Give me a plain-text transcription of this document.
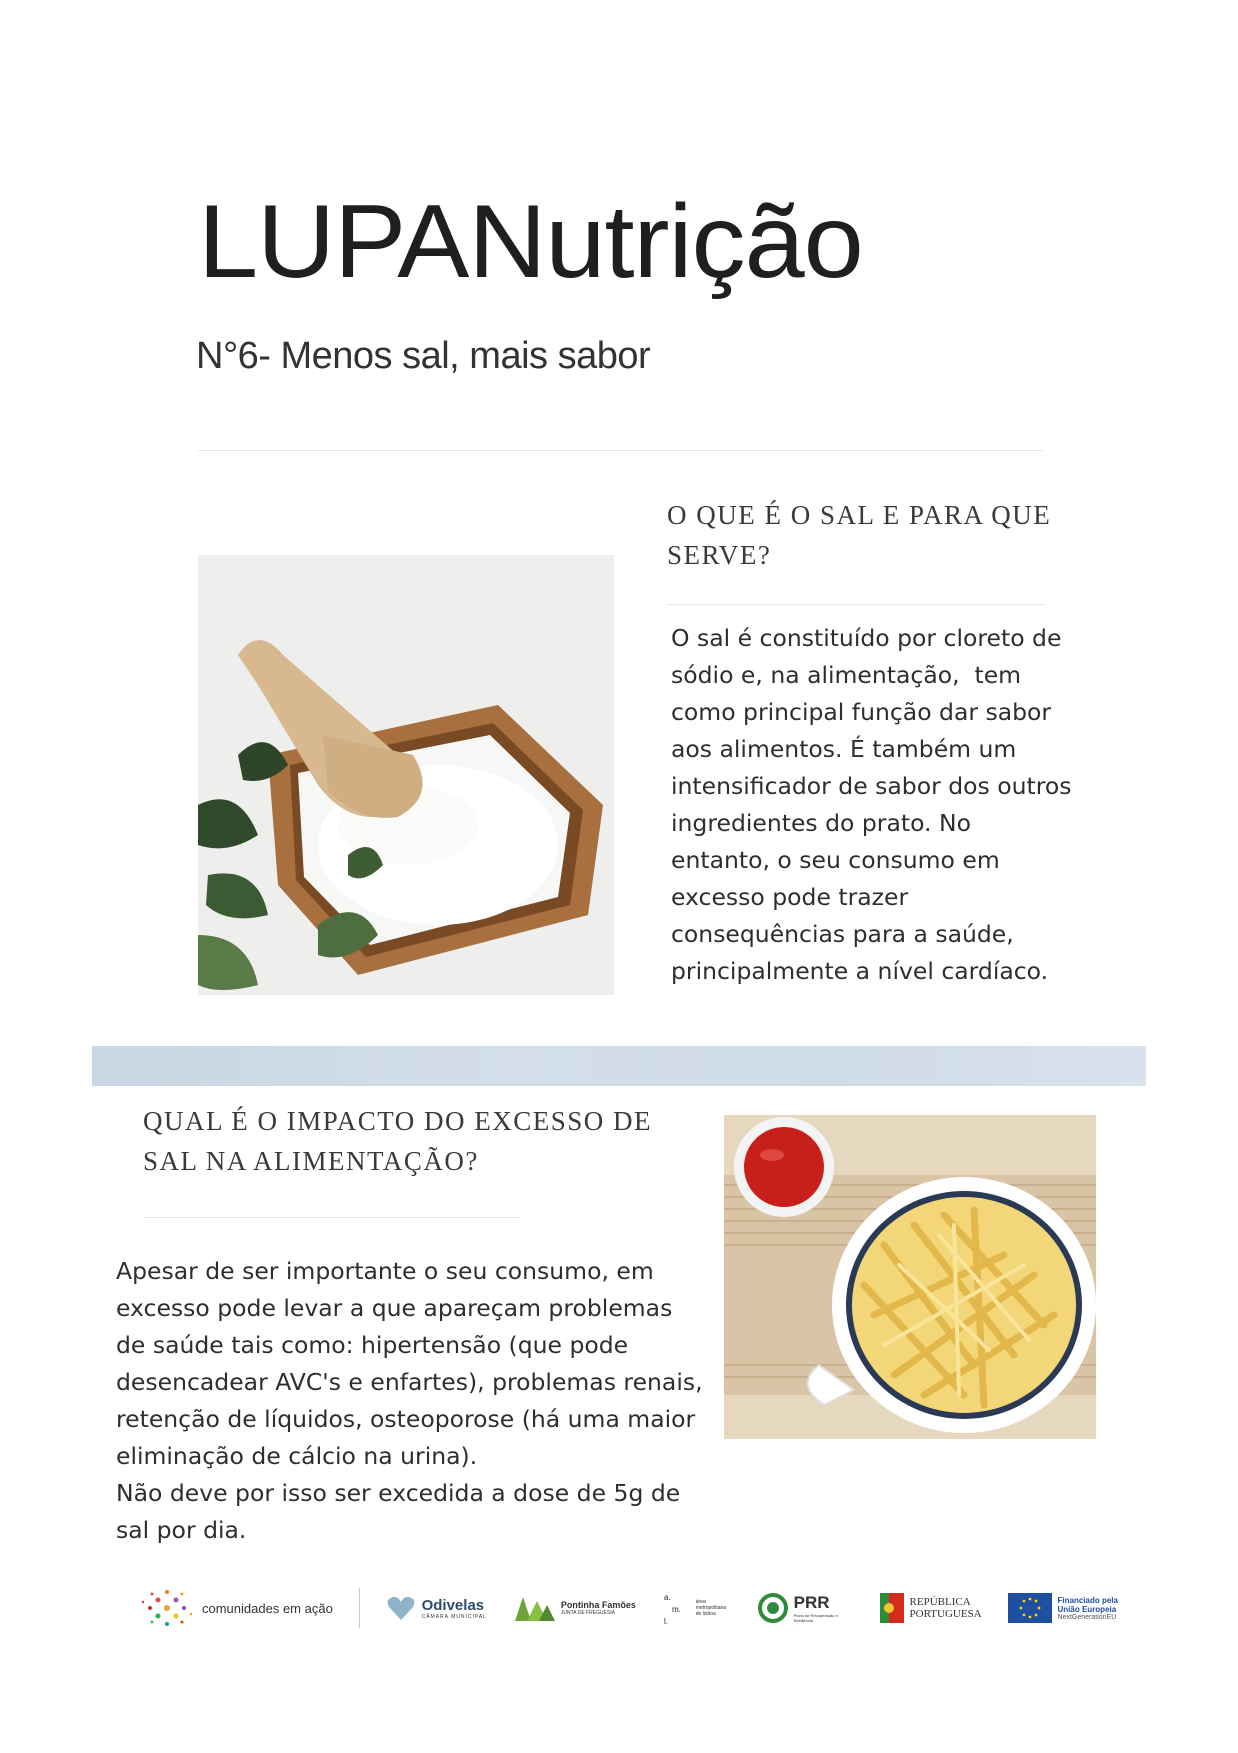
LUPANutrição
N°6- Menos sal, mais sabor
O QUE É O SAL E PARA QUE
SERVE?
O sal é constituído por cloreto de
sódio e, na alimentação,  tem
como principal função dar sabor
aos alimentos. É também um
intensificador de sabor dos outros
ingredientes do prato. No
entanto, o seu consumo em
excesso pode trazer
consequências para a saúde,
principalmente a nível cardíaco.
QUAL É O IMPACTO DO EXCESSO DE
SAL NA ALIMENTAÇÃO?
Apesar de ser importante o seu consumo, em
excesso pode levar a que apareçam problemas
de saúde tais como: hipertensão (que pode
desencadear AVC's e enfartes), problemas renais,
retenção de líquidos, osteoporose (há uma maior
eliminação de cálcio na urina).
Não deve por isso ser excedida a dose de 5g de
sal por dia.
comunidades em ação	Odivelas
CÂMARA MUNICIPAL
Pontinha Famões
JUNTA DE FREGUESIA
a.
m.
l.
área metropolitana de lisboa
PRR
Plano de Recuperação e Resiliência
REPÚBLICA
PORTUGUESA
Financiado pela
União Europeia
NextGenerationEU
